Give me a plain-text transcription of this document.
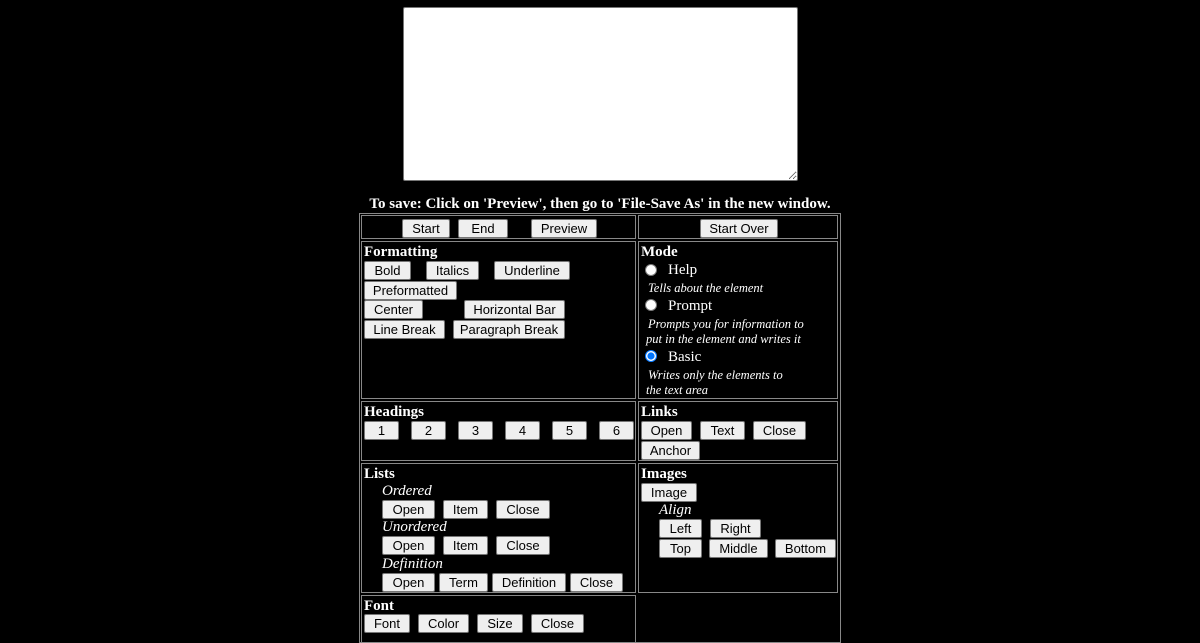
To save: Click on 'Preview', then go to 'File-Save As' in the new window.
Start	End	Preview	Start Over
Formatting
Bold	Italics	Underline
Preformatted
Center	Horizontal Bar
Line Break	Paragraph Break
Mode
Help
Tells about the element
Prompt
Prompts you for information to
put in the element and writes it
Basic
Writes only the elements to
the text area
Headings
1	2	3	4	5	6
Links
Open	Text	Close
Anchor
Lists
Ordered
Open	Item	Close
Unordered
Open	Item	Close
Definition
Open	Term	Definition	Close
Images
Image
Align
Left	Right
Top	Middle	Bottom
Font
Font	Color	Size	Close
